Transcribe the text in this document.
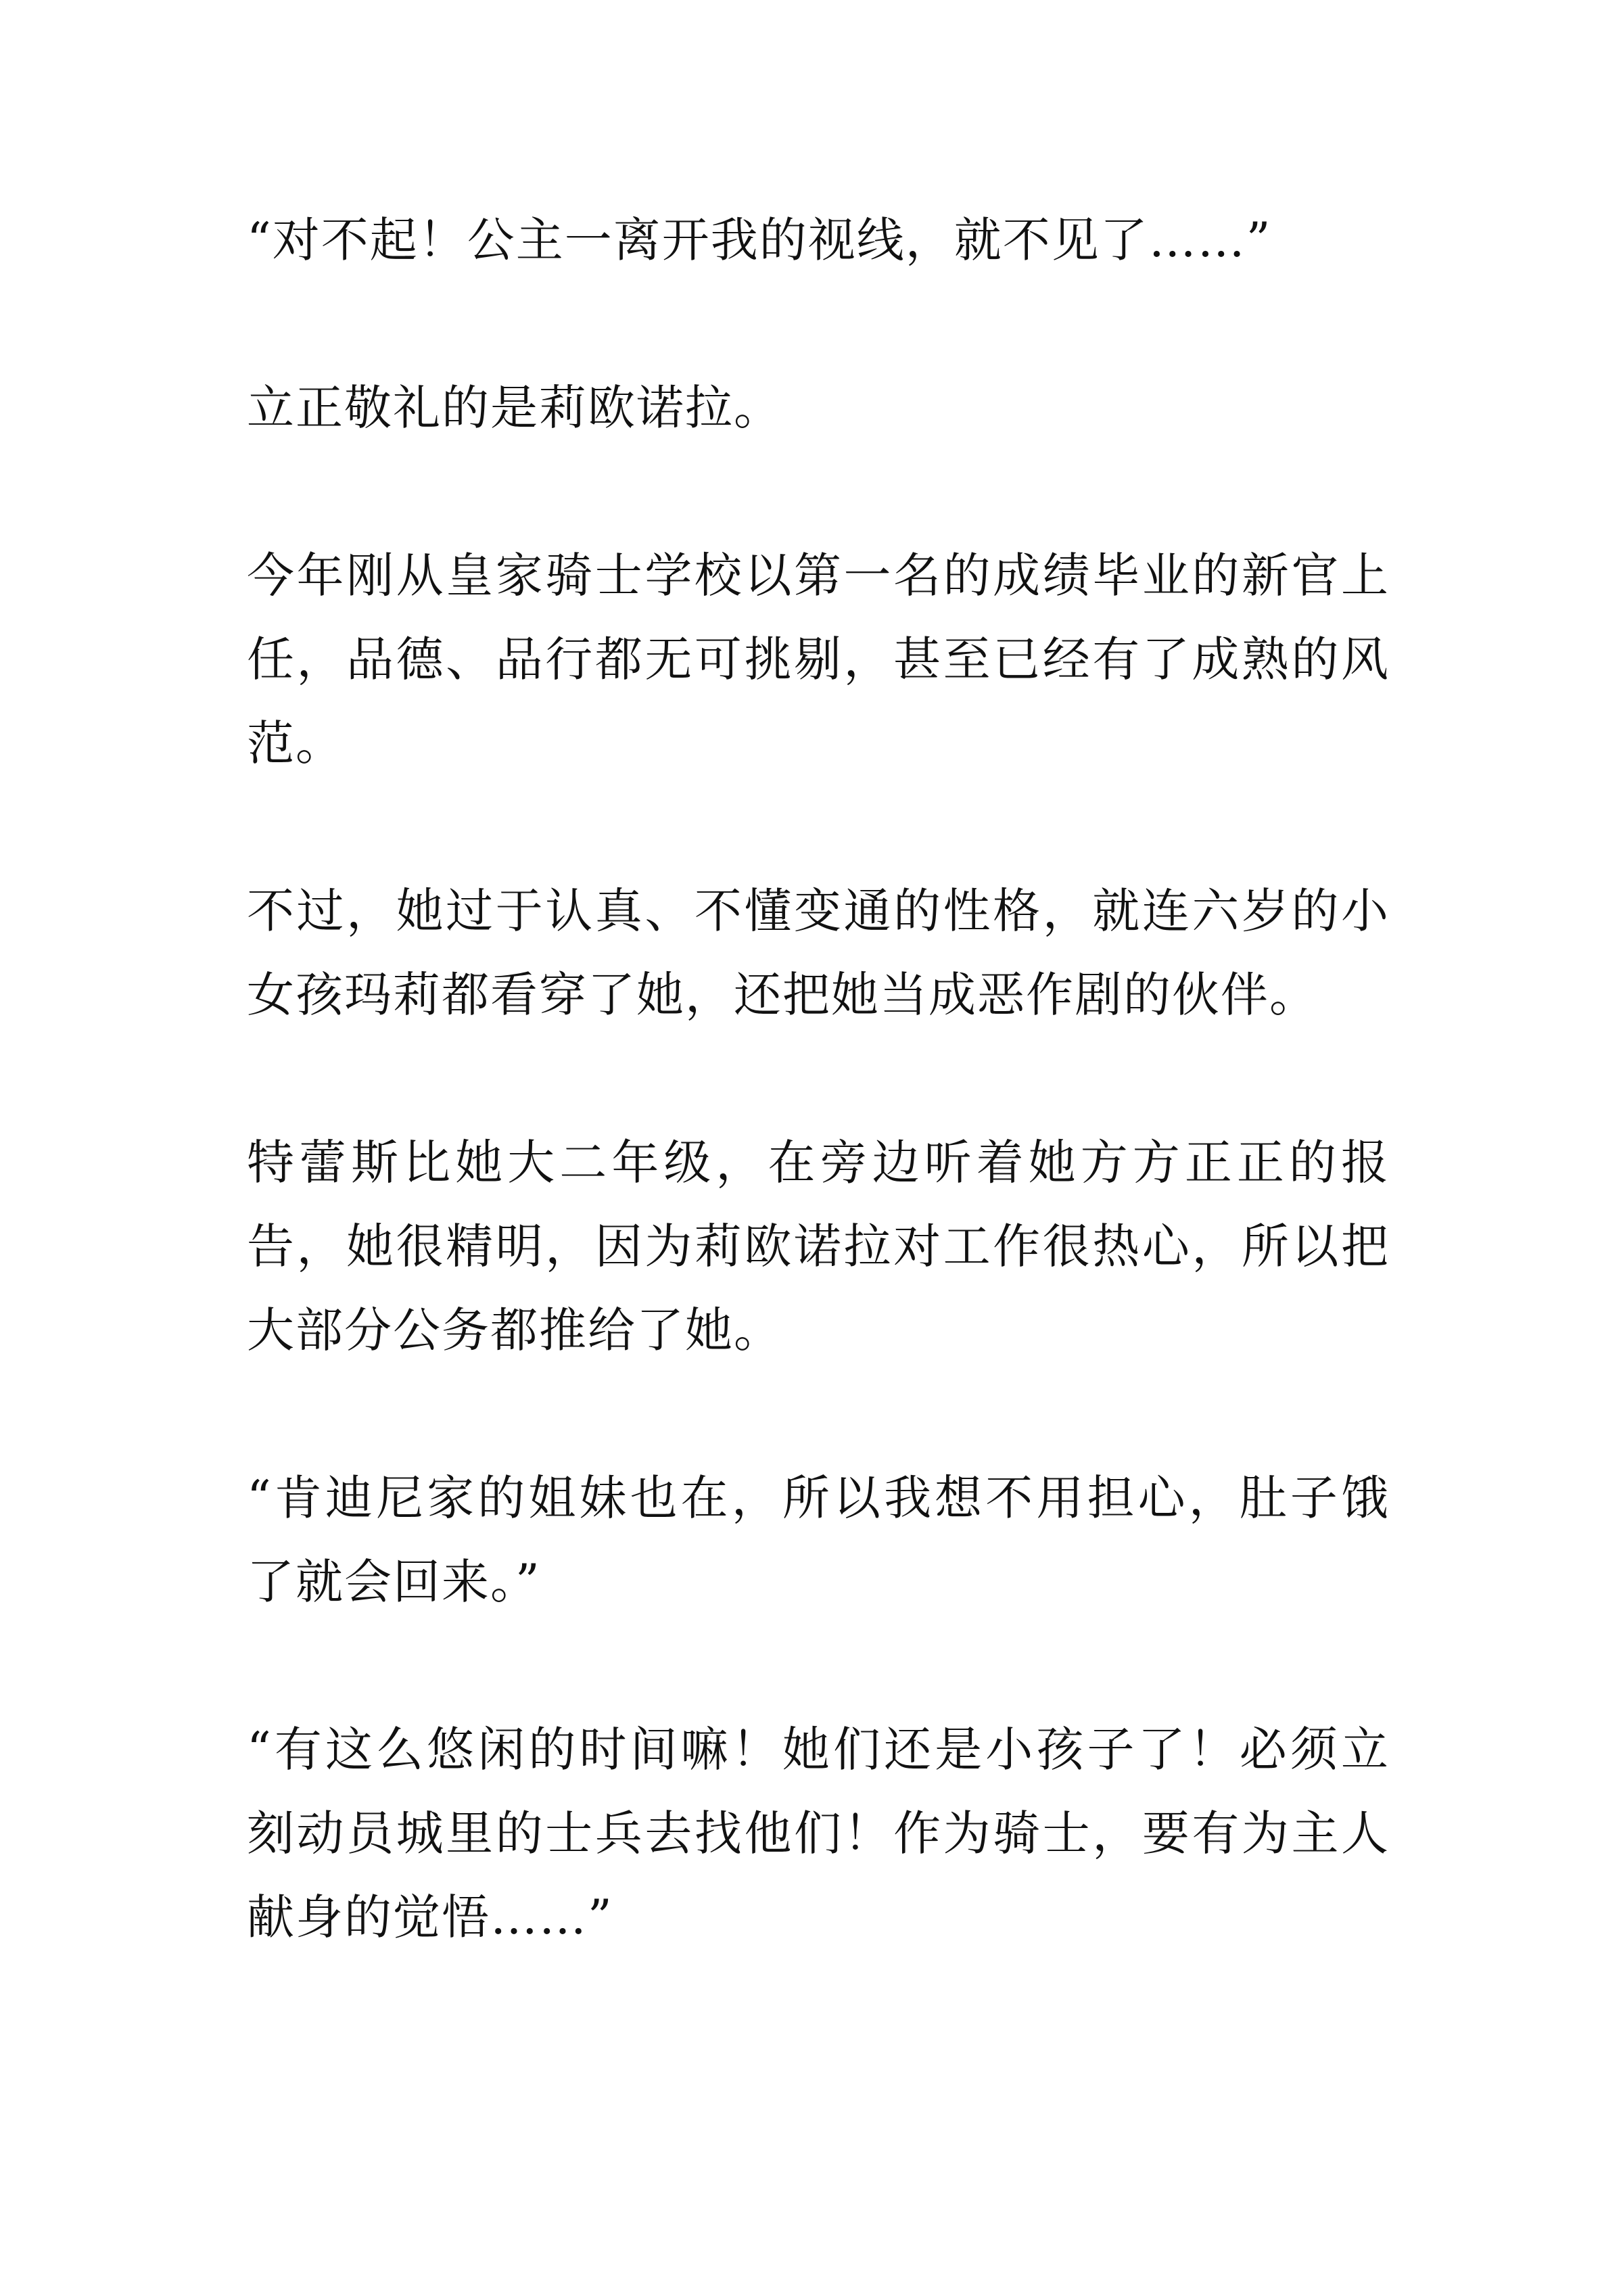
“对不起！公主一离开我的视线，就不见了……”

立正敬礼的是莉欧诺拉。

今年刚从皇家骑士学校以第一名的成绩毕业的新官上任，品德、品行都无可挑剔，甚至已经有了成熟的风范。

不过，她过于认真、不懂变通的性格，就连六岁的小女孩玛莉都看穿了她，还把她当成恶作剧的伙伴。

特蕾斯比她大二年级，在旁边听着她方方正正的报告，她很精明，因为莉欧诺拉对工作很热心，所以把大部分公务都推给了她。

“肯迪尼家的姐妹也在，所以我想不用担心，肚子饿了就会回来。”

“有这么悠闲的时间嘛！她们还是小孩子了！必须立刻动员城里的士兵去找他们！作为骑士，要有为主人献身的觉悟……”
